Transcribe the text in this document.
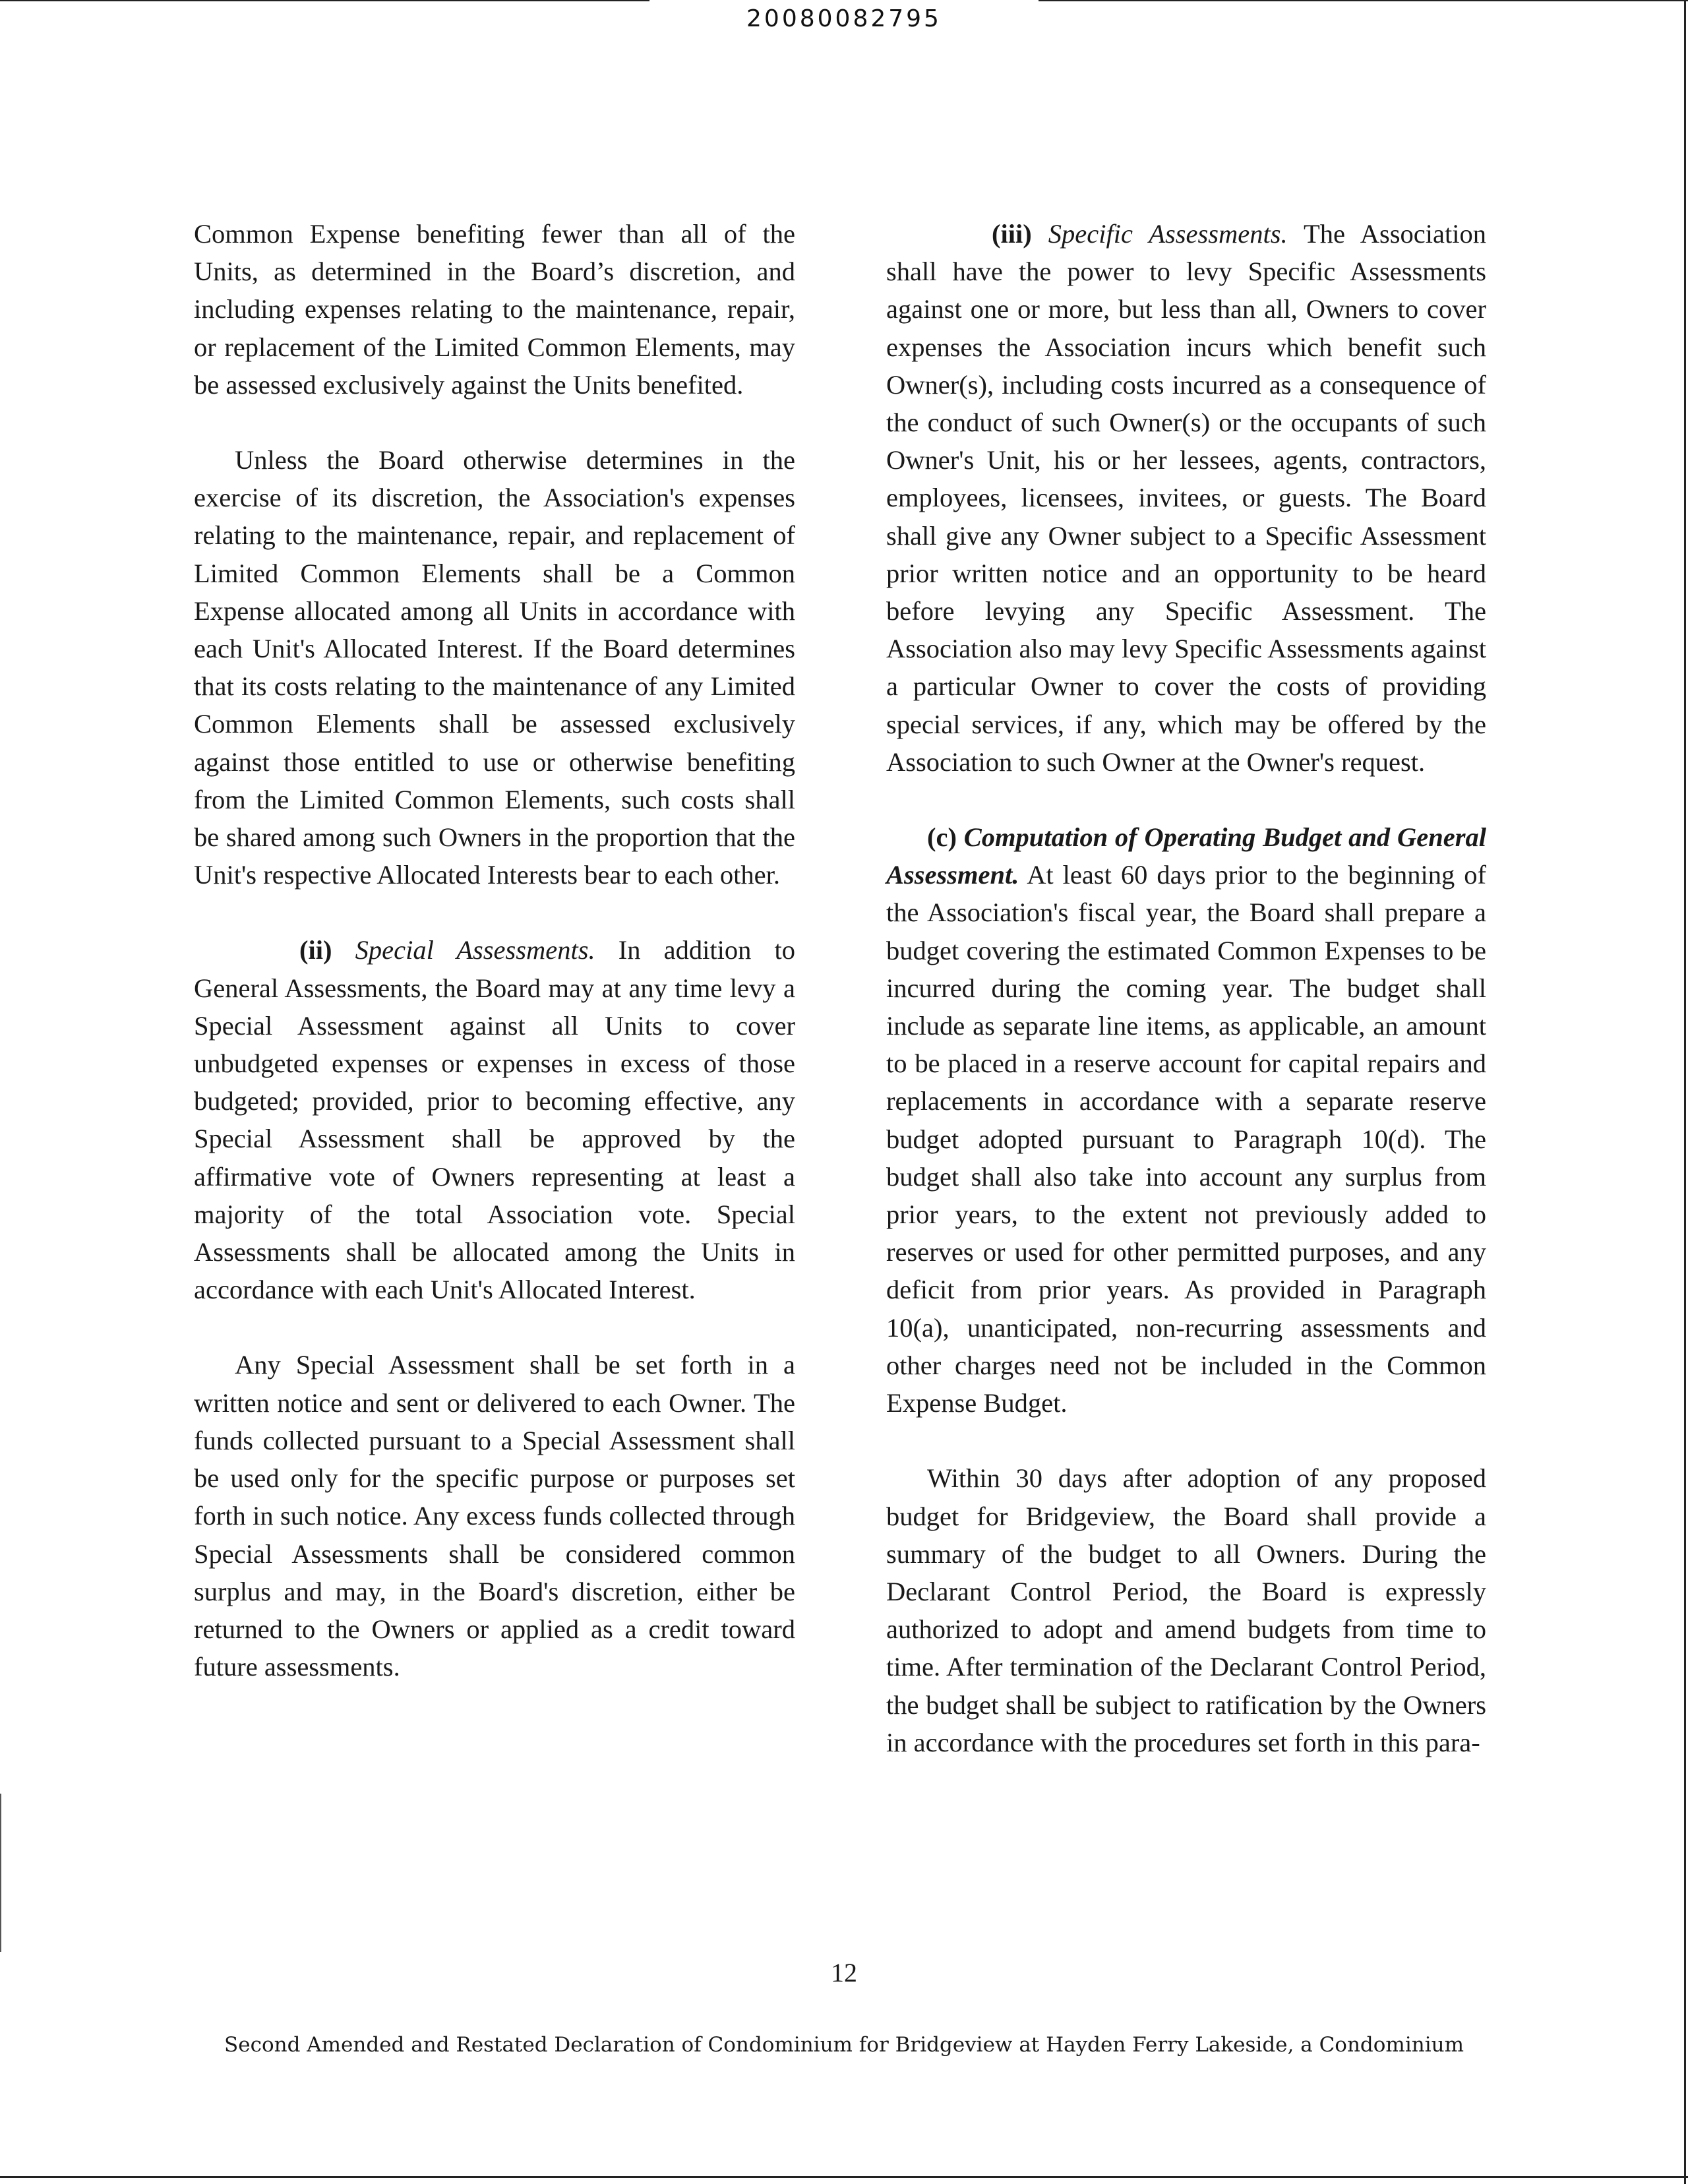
20080082795

Common Expense benefiting fewer than all of the Units, as determined in the Board’s discretion, and including expenses relating to the maintenance, repair, or replacement of the Limited Common Elements, may be assessed exclusively against the Units benefited.

Unless the Board otherwise determines in the exercise of its discretion, the Association's expenses relating to the maintenance, repair, and replacement of Limited Common Elements shall be a Common Expense allocated among all Units in accordance with each Unit's Allocated Interest. If the Board determines that its costs relating to the maintenance of any Limited Common Elements shall be assessed exclusively against those entitled to use or otherwise benefiting from the Limited Common Elements, such costs shall be shared among such Owners in the proportion that the Unit's respective Allocated Interests bear to each other.

(ii) Special Assessments. In addition to General Assessments, the Board may at any time levy a Special Assessment against all Units to cover unbudgeted expenses or expenses in excess of those budgeted; provided, prior to becoming effective, any Special Assessment shall be approved by the affirmative vote of Owners representing at least a majority of the total Association vote. Special Assessments shall be allocated among the Units in accordance with each Unit's Allocated Interest.

Any Special Assessment shall be set forth in a written notice and sent or delivered to each Owner. The funds collected pursuant to a Special Assessment shall be used only for the specific purpose or purposes set forth in such notice. Any excess funds collected through Special Assessments shall be considered common surplus and may, in the Board's discretion, either be returned to the Owners or applied as a credit toward future assessments.

(iii) Specific Assessments. The Association shall have the power to levy Specific Assessments against one or more, but less than all, Owners to cover expenses the Association incurs which benefit such Owner(s), including costs incurred as a consequence of the conduct of such Owner(s) or the occupants of such Owner's Unit, his or her lessees, agents, contractors, employees, licensees, invitees, or guests. The Board shall give any Owner subject to a Specific Assessment prior written notice and an opportunity to be heard before levying any Specific Assessment. The Association also may levy Specific Assessments against a particular Owner to cover the costs of providing special services, if any, which may be offered by the Association to such Owner at the Owner's request.

(c) Computation of Operating Budget and General Assessment. At least 60 days prior to the beginning of the Association's fiscal year, the Board shall prepare a budget covering the estimated Common Expenses to be incurred during the coming year. The budget shall include as separate line items, as applicable, an amount to be placed in a reserve account for capital repairs and replacements in accordance with a separate reserve budget adopted pursuant to Paragraph 10(d). The budget shall also take into account any surplus from prior years, to the extent not previously added to reserves or used for other permitted purposes, and any deficit from prior years. As provided in Paragraph 10(a), unanticipated, non-recurring assessments and other charges need not be included in the Common Expense Budget.

Within 30 days after adoption of any proposed budget for Bridgeview, the Board shall provide a summary of the budget to all Owners. During the Declarant Control Period, the Board is expressly authorized to adopt and amend budgets from time to time. After termination of the Declarant Control Period, the budget shall be subject to ratification by the Owners in accordance with the procedures set forth in this para-

12
Second Amended and Restated Declaration of Condominium for Bridgeview at Hayden Ferry Lakeside, a Condominium
